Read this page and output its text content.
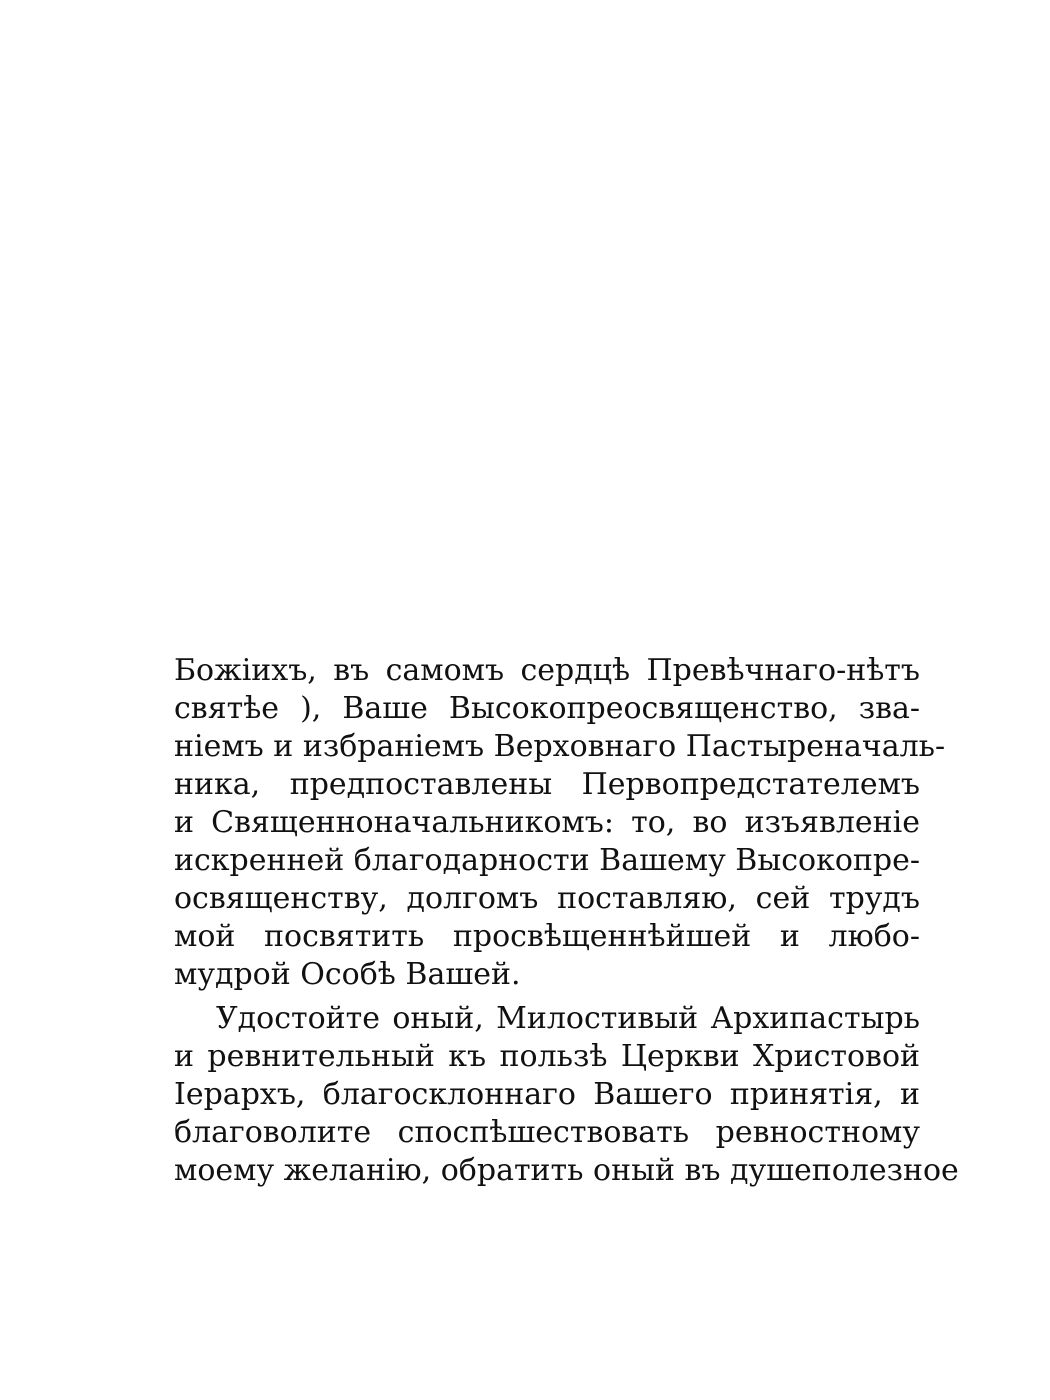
Божiихъ, въ самомъ сердцѣ Превѣчнаго-нѣтъ
святѣе ), Ваше Высокопреосвященство, зва-
нiемъ и избранiемъ Верховнаго Пастыреначаль-
ника, предпоставлены Первопредстателемъ
и Священноначальникомъ: то, во изъявленiе
искренней благодарности Вашему Высокопре-
освященству, долгомъ поставляю, сей трудъ
мой посвятить просвѣщеннѣйшей и любо-
мудрой Особѣ Вашей.
Удостойте оный, Милостивый Архипастырь
и ревнительный къ пользѣ Церкви Христовой
Iерархъ, благосклоннаго Вашего принятiя, и
благоволите споспѣшествовать ревностному
моему желанiю, обратить оный въ душеполезное
